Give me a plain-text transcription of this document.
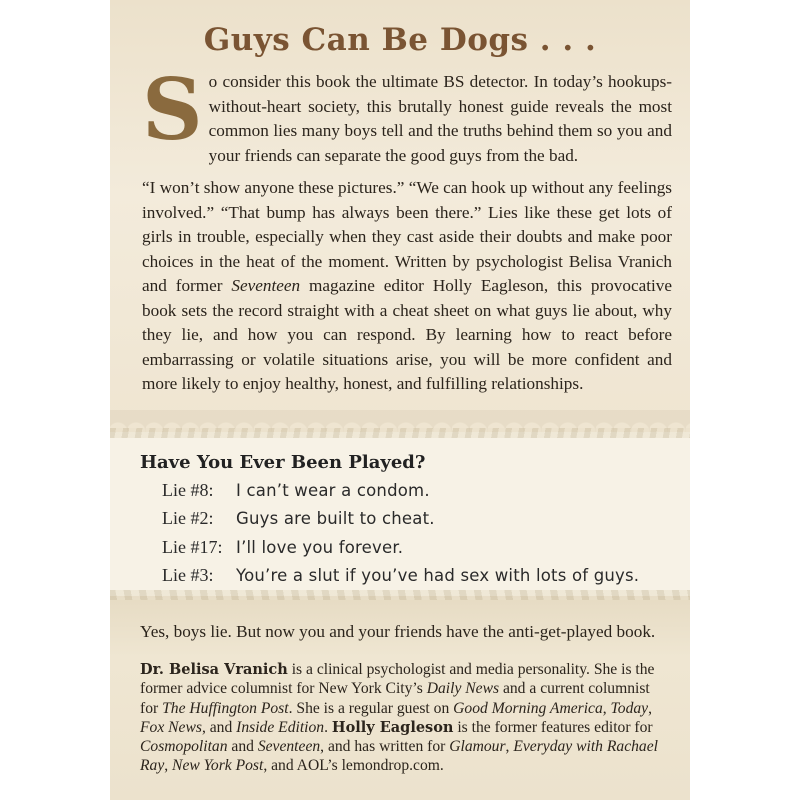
Guys Can Be Dogs . . .
S o consider this book the ultimate BS detector. In today’s hookups-without-heart society, this brutally honest guide reveals the most common lies many boys tell and the truths behind them so you and your friends can separate the good guys from the bad.
“I won’t show anyone these pictures.” “We can hook up without any feelings involved.” “That bump has always been there.” Lies like these get lots of girls in trouble, especially when they cast aside their doubts and make poor choices in the heat of the moment. Written by psychologist Belisa Vranich and former Seventeen magazine editor Holly Eagleson, this provocative book sets the record straight with a cheat sheet on what guys lie about, why they lie, and how you can respond. By learning how to react before embarrassing or volatile situations arise, you will be more confident and more likely to enjoy healthy, honest, and fulfilling relationships.
Have You Ever Been Played?
Lie #8:	I can’t wear a condom.
Lie #2:	Guys are built to cheat.
Lie #17: I’ll love you forever.
Lie #3:	You’re a slut if you’ve had sex with lots of guys.
Yes, boys lie. But now you and your friends have the anti-get-played book.
Dr. Belisa Vranich is a clinical psychologist and media personality. She is the former advice columnist for New York City’s Daily News and a current columnist for The Huffington Post. She is a regular guest on Good Morning America, Today, Fox News, and Inside Edition. Holly Eagleson is the former features editor for Cosmopolitan and Seventeen, and has written for Glamour, Everyday with Rachael Ray, New York Post, and AOL’s lemondrop.com.
